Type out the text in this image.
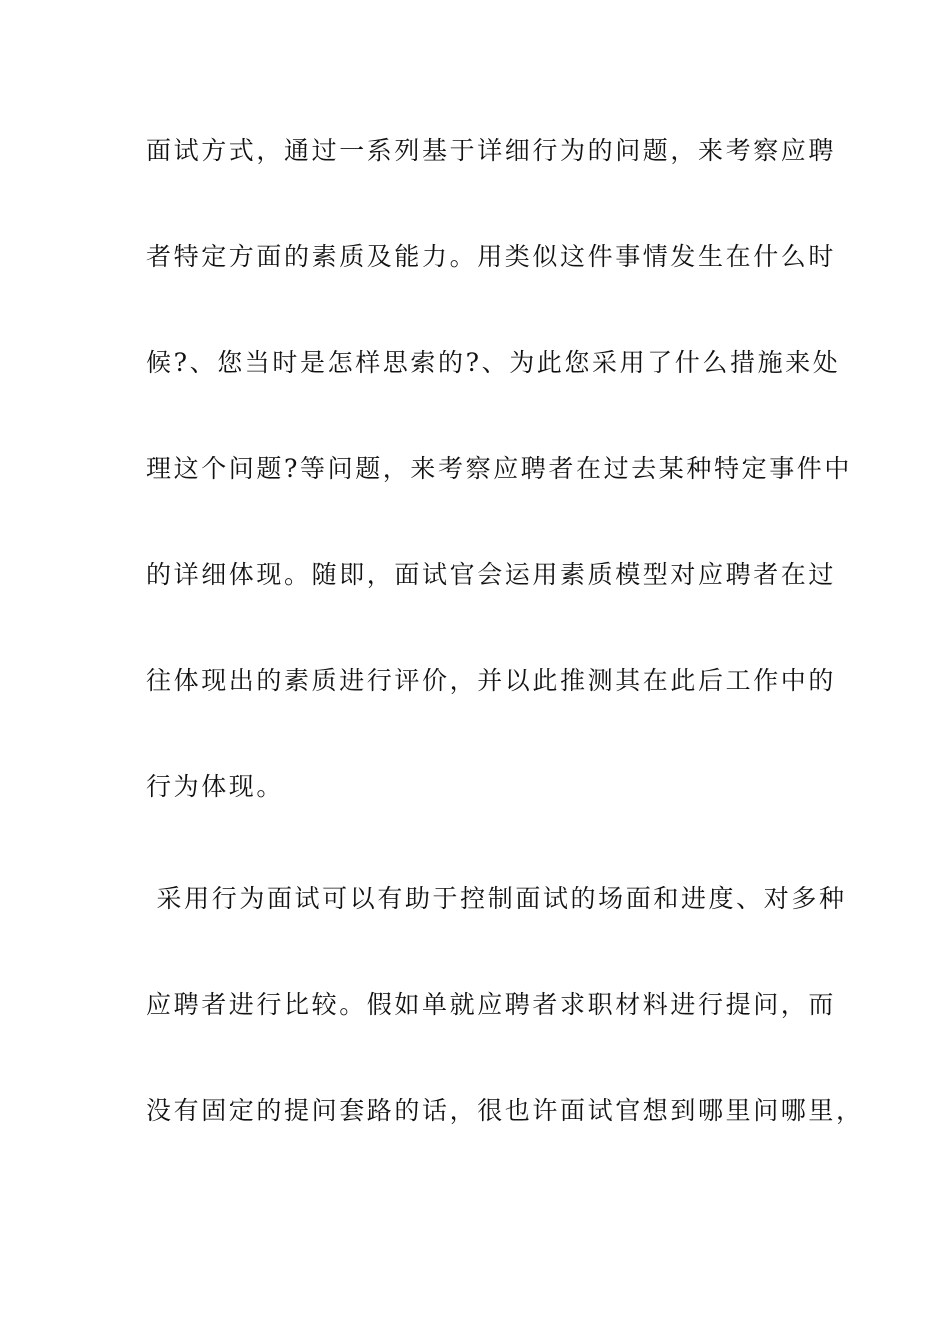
面试方式，通过一系列基于详细行为的问题，来考察应聘
者特定方面的素质及能力。用类似这件事情发生在什么时
候?、您当时是怎样思索的?、为此您采用了什么措施来处
理这个问题?等问题，来考察应聘者在过去某种特定事件中
的详细体现。随即，面试官会运用素质模型对应聘者在过
往体现出的素质进行评价，并以此推测其在此后工作中的
行为体现。
采用行为面试可以有助于控制面试的场面和进度、对多种
应聘者进行比较。假如单就应聘者求职材料进行提问，而
没有固定的提问套路的话，很也许面试官想到哪里问哪里，
